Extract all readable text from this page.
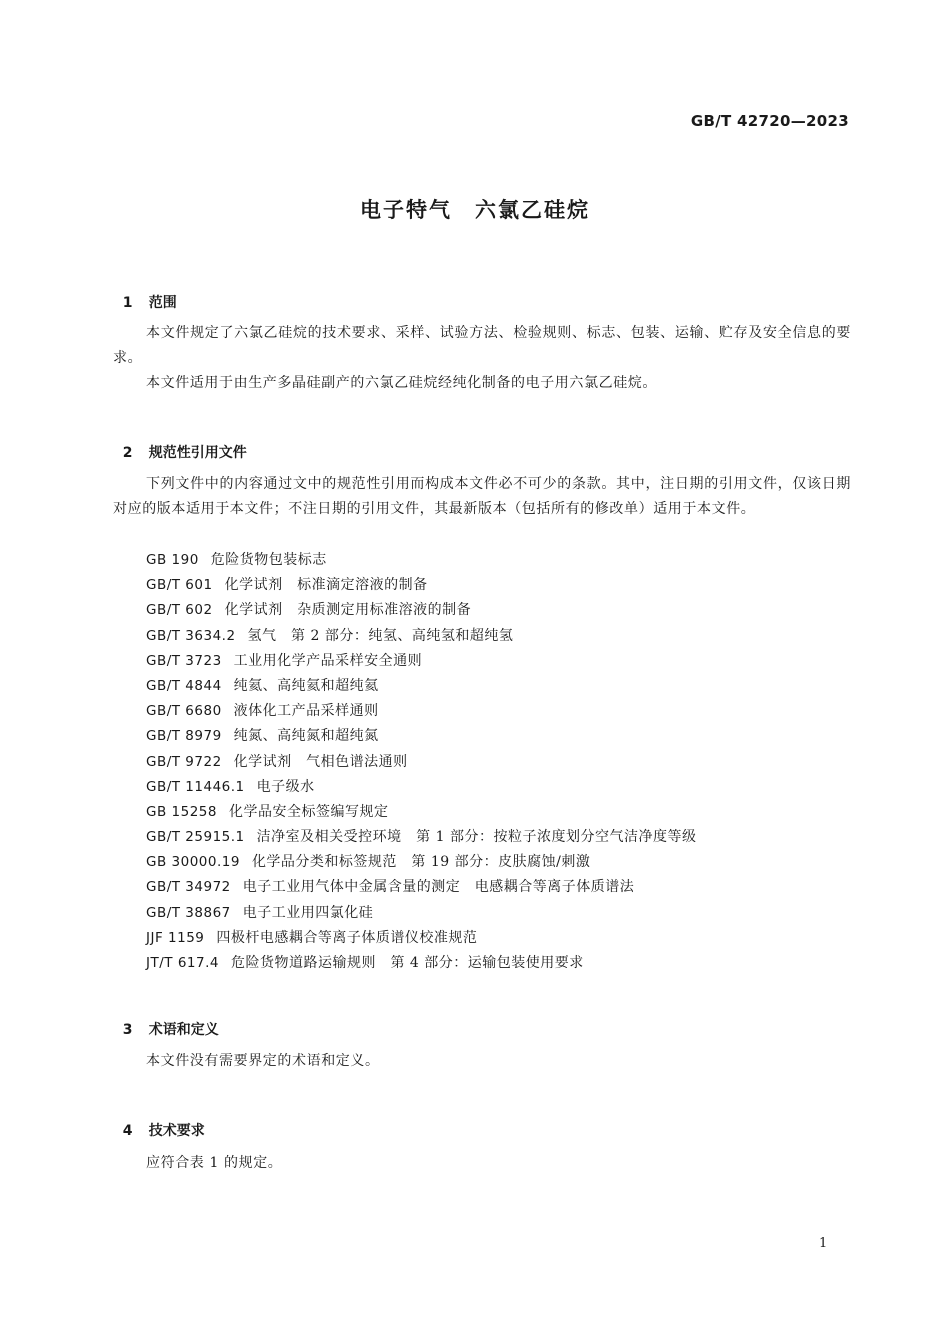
GB/T 42720—2023
电子特气　六氯乙硅烷

1 范围

本文件规定了六氯乙硅烷的技术要求、采样、试验方法、检验规则、标志、包装、运输、贮存及安全信息的要求。
本文件适用于由生产多晶硅副产的六氯乙硅烷经纯化制备的电子用六氯乙硅烷。

2 规范性引用文件

下列文件中的内容通过文中的规范性引用而构成本文件必不可少的条款。其中，注日期的引用文件，仅该日期对应的版本适用于本文件；不注日期的引用文件，其最新版本（包括所有的修改单）适用于本文件。
GB 190 危险货物包装标志
GB/T 601 化学试剂　标准滴定溶液的制备
GB/T 602 化学试剂　杂质测定用标准溶液的制备
GB/T 3634.2 氢气　第 2 部分：纯氢、高纯氢和超纯氢
GB/T 3723 工业用化学产品采样安全通则
GB/T 4844 纯氦、高纯氦和超纯氦
GB/T 6680 液体化工产品采样通则
GB/T 8979 纯氮、高纯氮和超纯氮
GB/T 9722 化学试剂　气相色谱法通则
GB/T 11446.1 电子级水
GB 15258 化学品安全标签编写规定
GB/T 25915.1 洁净室及相关受控环境　第 1 部分：按粒子浓度划分空气洁净度等级
GB 30000.19 化学品分类和标签规范　第 19 部分：皮肤腐蚀/刺激
GB/T 34972 电子工业用气体中金属含量的测定　电感耦合等离子体质谱法
GB/T 38867 电子工业用四氯化硅
JJF 1159 四极杆电感耦合等离子体质谱仪校准规范
JT/T 617.4 危险货物道路运输规则　第 4 部分：运输包装使用要求

3 术语和定义

本文件没有需要界定的术语和定义。

4 技术要求

应符合表 1 的规定。
1
